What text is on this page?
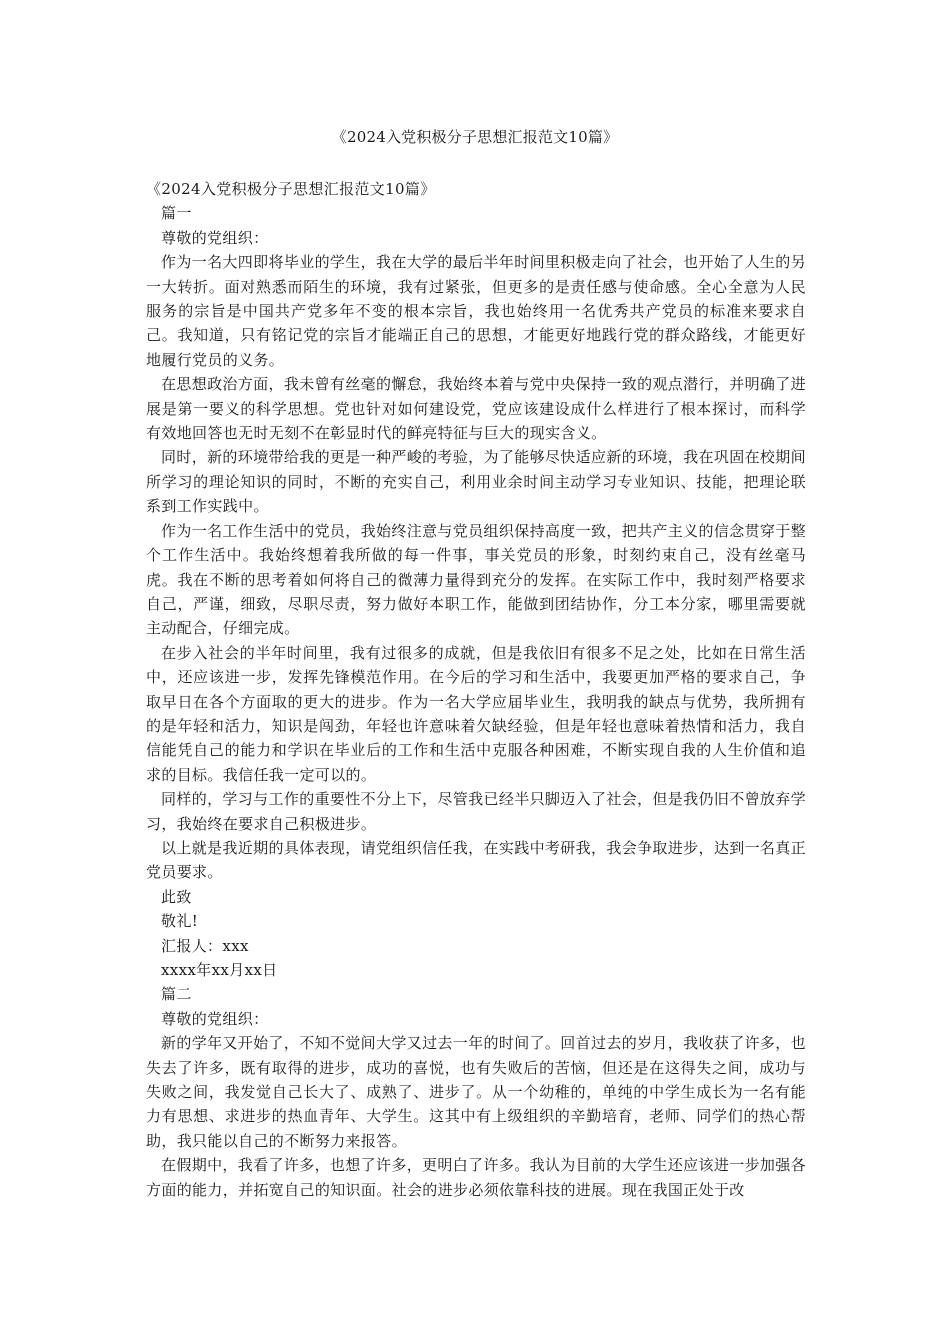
《2024入党积极分子思想汇报范文10篇》

《2024入党积极分子思想汇报范文10篇》

篇一

尊敬的党组织：

作为一名大四即将毕业的学生，我在大学的最后半年时间里积极走向了社会，也开始了人生的另一大转折。面对熟悉而陌生的环境，我有过紧张，但更多的是责任感与使命感。全心全意为人民服务的宗旨是中国共产党多年不变的根本宗旨，我也始终用一名优秀共产党员的标准来要求自己。我知道，只有铭记党的宗旨才能端正自己的思想，才能更好地践行党的群众路线，才能更好地履行党员的义务。

在思想政治方面，我未曾有丝毫的懈怠，我始终本着与党中央保持一致的观点潜行，并明确了进展是第一要义的科学思想。党也针对如何建设党，党应该建设成什么样进行了根本探讨，而科学有效地回答也无时无刻不在彰显时代的鲜亮特征与巨大的现实含义。

同时，新的环境带给我的更是一种严峻的考验，为了能够尽快适应新的环境，我在巩固在校期间所学习的理论知识的同时，不断的充实自己，利用业余时间主动学习专业知识、技能，把理论联系到工作实践中。

作为一名工作生活中的党员，我始终注意与党员组织保持高度一致，把共产主义的信念贯穿于整个工作生活中。我始终想着我所做的每一件事，事关党员的形象，时刻约束自己，没有丝毫马虎。我在不断的思考着如何将自己的微薄力量得到充分的发挥。在实际工作中，我时刻严格要求自己，严谨，细致，尽职尽责，努力做好本职工作，能做到团结协作，分工本分家，哪里需要就主动配合，仔细完成。

在步入社会的半年时间里，我有过很多的成就，但是我依旧有很多不足之处，比如在日常生活中，还应该进一步，发挥先锋模范作用。在今后的学习和生活中，我要更加严格的要求自己，争取早日在各个方面取的更大的进步。作为一名大学应届毕业生，我明我的缺点与优势，我所拥有的是年轻和活力，知识是闯劲，年轻也许意味着欠缺经验，但是年轻也意味着热情和活力，我自信能凭自己的能力和学识在毕业后的工作和生活中克服各种困难，不断实现自我的人生价值和追求的目标。我信任我一定可以的。

同样的，学习与工作的重要性不分上下，尽管我已经半只脚迈入了社会，但是我仍旧不曾放弃学习，我始终在要求自己积极进步。

以上就是我近期的具体表现，请党组织信任我，在实践中考研我，我会争取进步，达到一名真正党员要求。

此致

敬礼!

汇报人：xxx

xxxx年xx月xx日

篇二

尊敬的党组织：

新的学年又开始了，不知不觉间大学又过去一年的时间了。回首过去的岁月，我收获了许多，也失去了许多，既有取得的进步，成功的喜悦，也有失败后的苦恼，但还是在这得失之间，成功与失败之间，我发觉自己长大了、成熟了、进步了。从一个幼稚的，单纯的中学生成长为一名有能力有思想、求进步的热血青年、大学生。这其中有上级组织的辛勤培育，老师、同学们的热心帮助，我只能以自己的不断努力来报答。

在假期中，我看了许多，也想了许多，更明白了许多。我认为目前的大学生还应该进一步加强各方面的能力，并拓宽自己的知识面。社会的进步必须依靠科技的进展。现在我国正处于改
